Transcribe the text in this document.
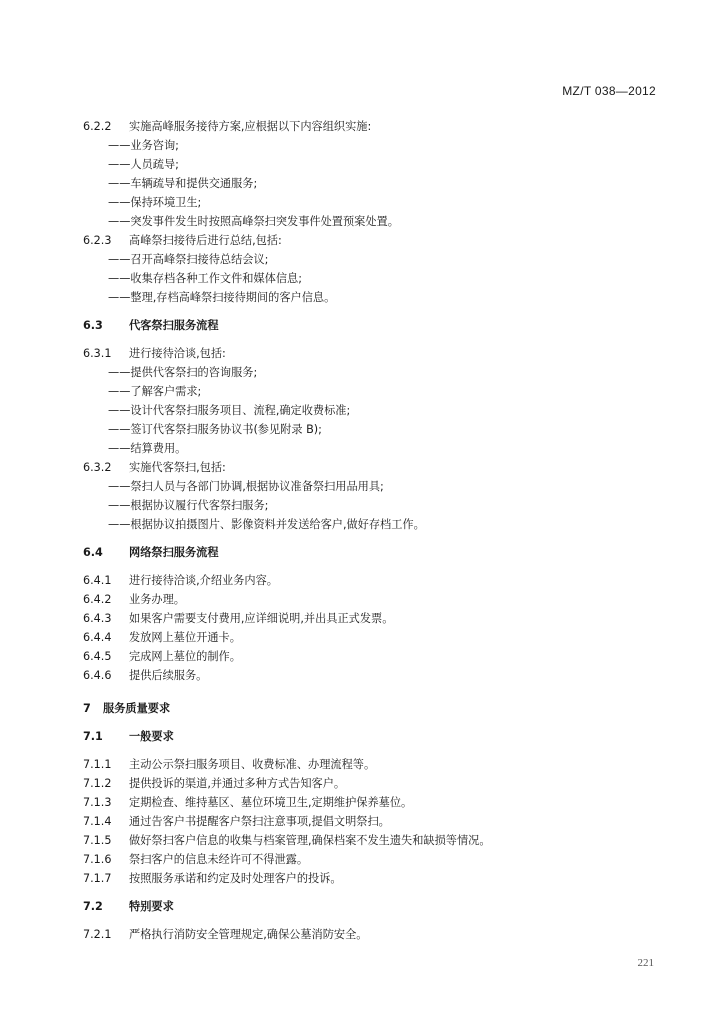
MZ/T 038—2012
6.2.2 实施高峰服务接待方案,应根据以下内容组织实施:
——业务咨询;
——人员疏导;
——车辆疏导和提供交通服务;
——保持环境卫生;
——突发事件发生时按照高峰祭扫突发事件处置预案处置。
6.2.3 高峰祭扫接待后进行总结,包括:
——召开高峰祭扫接待总结会议;
——收集存档各种工作文件和媒体信息;
——整理,存档高峰祭扫接待期间的客户信息。
6.3 代客祭扫服务流程
6.3.1 进行接待洽谈,包括:
——提供代客祭扫的咨询服务;
——了解客户需求;
——设计代客祭扫服务项目、流程,确定收费标准;
——签订代客祭扫服务协议书(参见附录 B);
——结算费用。
6.3.2 实施代客祭扫,包括:
——祭扫人员与各部门协调,根据协议准备祭扫用品用具;
——根据协议履行代客祭扫服务;
——根据协议拍摄图片、影像资料并发送给客户,做好存档工作。
6.4 网络祭扫服务流程
6.4.1 进行接待洽谈,介绍业务内容。
6.4.2 业务办理。
6.4.3 如果客户需要支付费用,应详细说明,并出具正式发票。
6.4.4 发放网上墓位开通卡。
6.4.5 完成网上墓位的制作。
6.4.6 提供后续服务。
7 服务质量要求
7.1 一般要求
7.1.1 主动公示祭扫服务项目、收费标准、办理流程等。
7.1.2 提供投诉的渠道,并通过多种方式告知客户。
7.1.3 定期检查、维持墓区、墓位环境卫生,定期维护保养墓位。
7.1.4 通过告客户书提醒客户祭扫注意事项,提倡文明祭扫。
7.1.5 做好祭扫客户信息的收集与档案管理,确保档案不发生遗失和缺损等情况。
7.1.6 祭扫客户的信息未经许可不得泄露。
7.1.7 按照服务承诺和约定及时处理客户的投诉。
7.2 特别要求
7.2.1 严格执行消防安全管理规定,确保公墓消防安全。
221
